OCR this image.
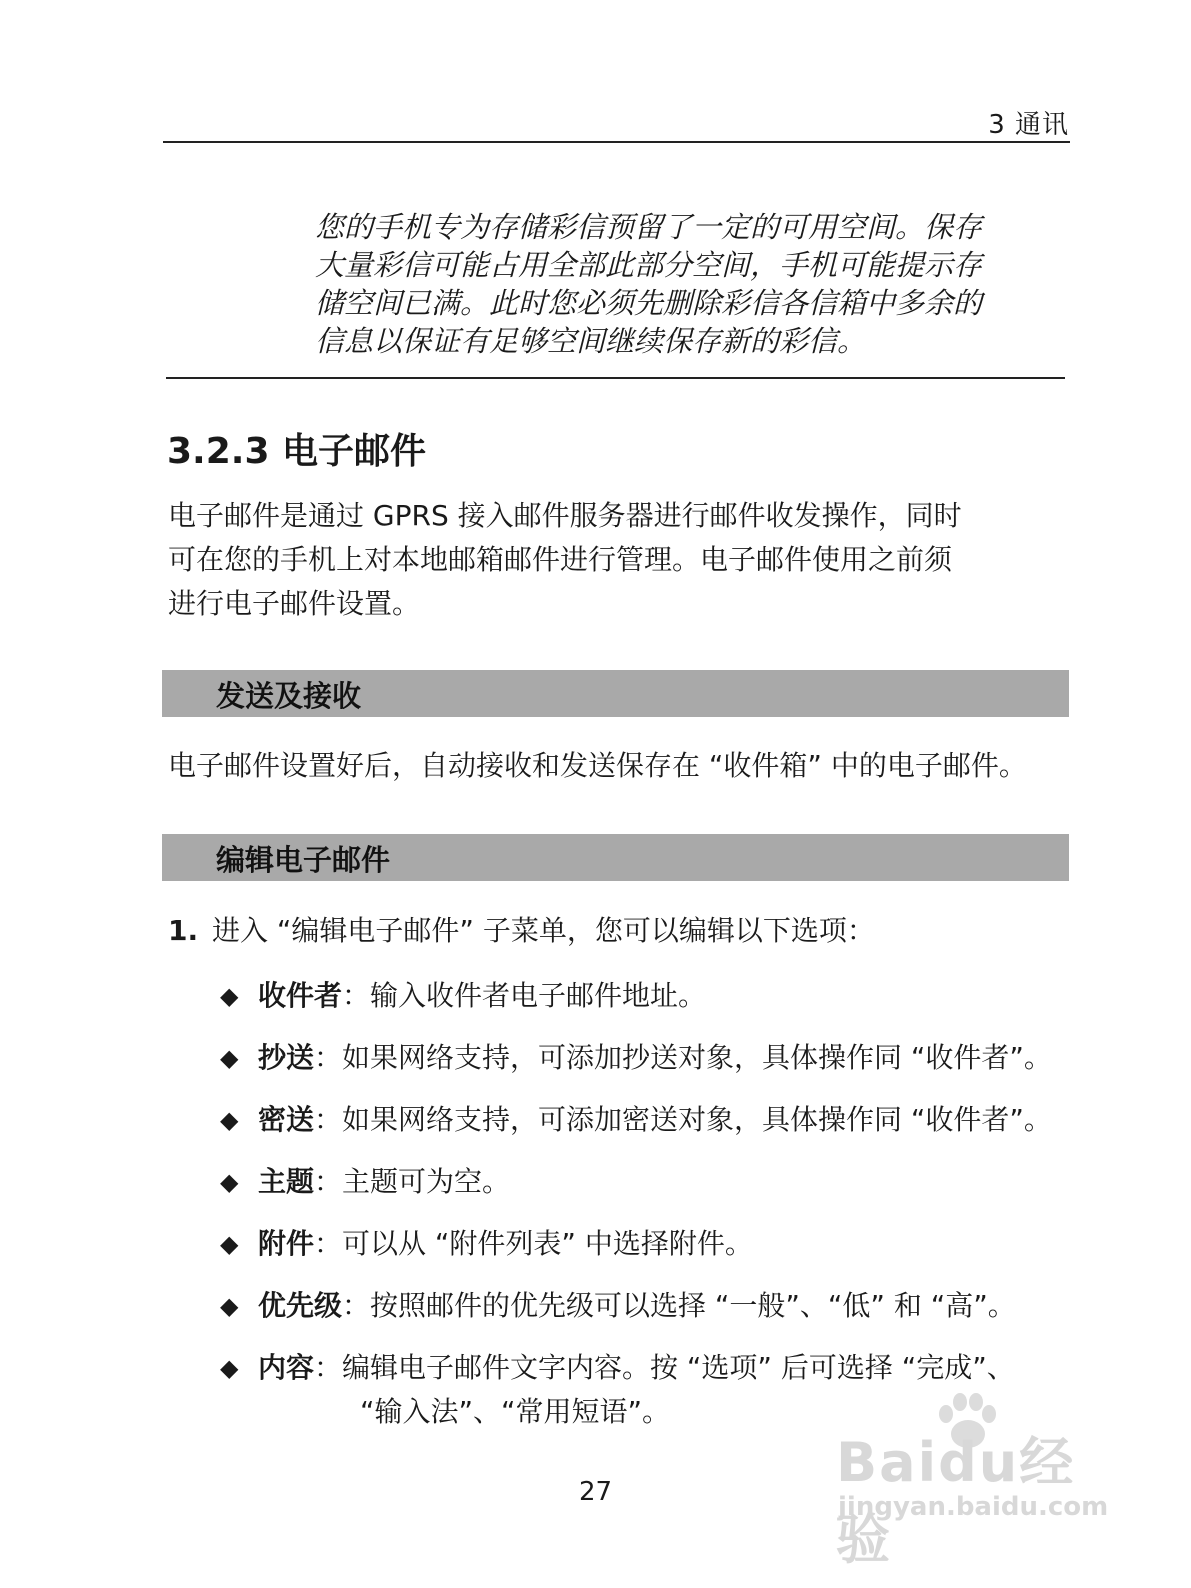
3 通讯
您的手机专为存储彩信预留了一定的可用空间。保存
大量彩信可能占用全部此部分空间，手机可能提示存
储空间已满。此时您必须先删除彩信各信箱中多余的
信息以保证有足够空间继续保存新的彩信。
3.2.3 电子邮件
电子邮件是通过 GPRS 接入邮件服务器进行邮件收发操作，同时
可在您的手机上对本地邮箱邮件进行管理。电子邮件使用之前须
进行电子邮件设置。
发送及接收

电子邮件设置好后，自动接收和发送保存在 “收件箱” 中的电子邮件。

编辑电子邮件
1. 进入 “编辑电子邮件” 子菜单，您可以编辑以下选项：
◆ 收件者：输入收件者电子邮件地址。
◆ 抄送：如果网络支持，可添加抄送对象，具体操作同 “收件者”。
◆ 密送：如果网络支持，可添加密送对象，具体操作同 “收件者”。
◆ 主题：主题可为空。
◆ 附件：可以从 “附件列表” 中选择附件。
◆ 优先级：按照邮件的优先级可以选择 “一般”、“低” 和 “高”。
◆ 内容：编辑电子邮件文字内容。按 “选项” 后可选择 “完成”、
“输入法”、“常用短语”。
27	Baidu经验
jingyan.baidu.com
